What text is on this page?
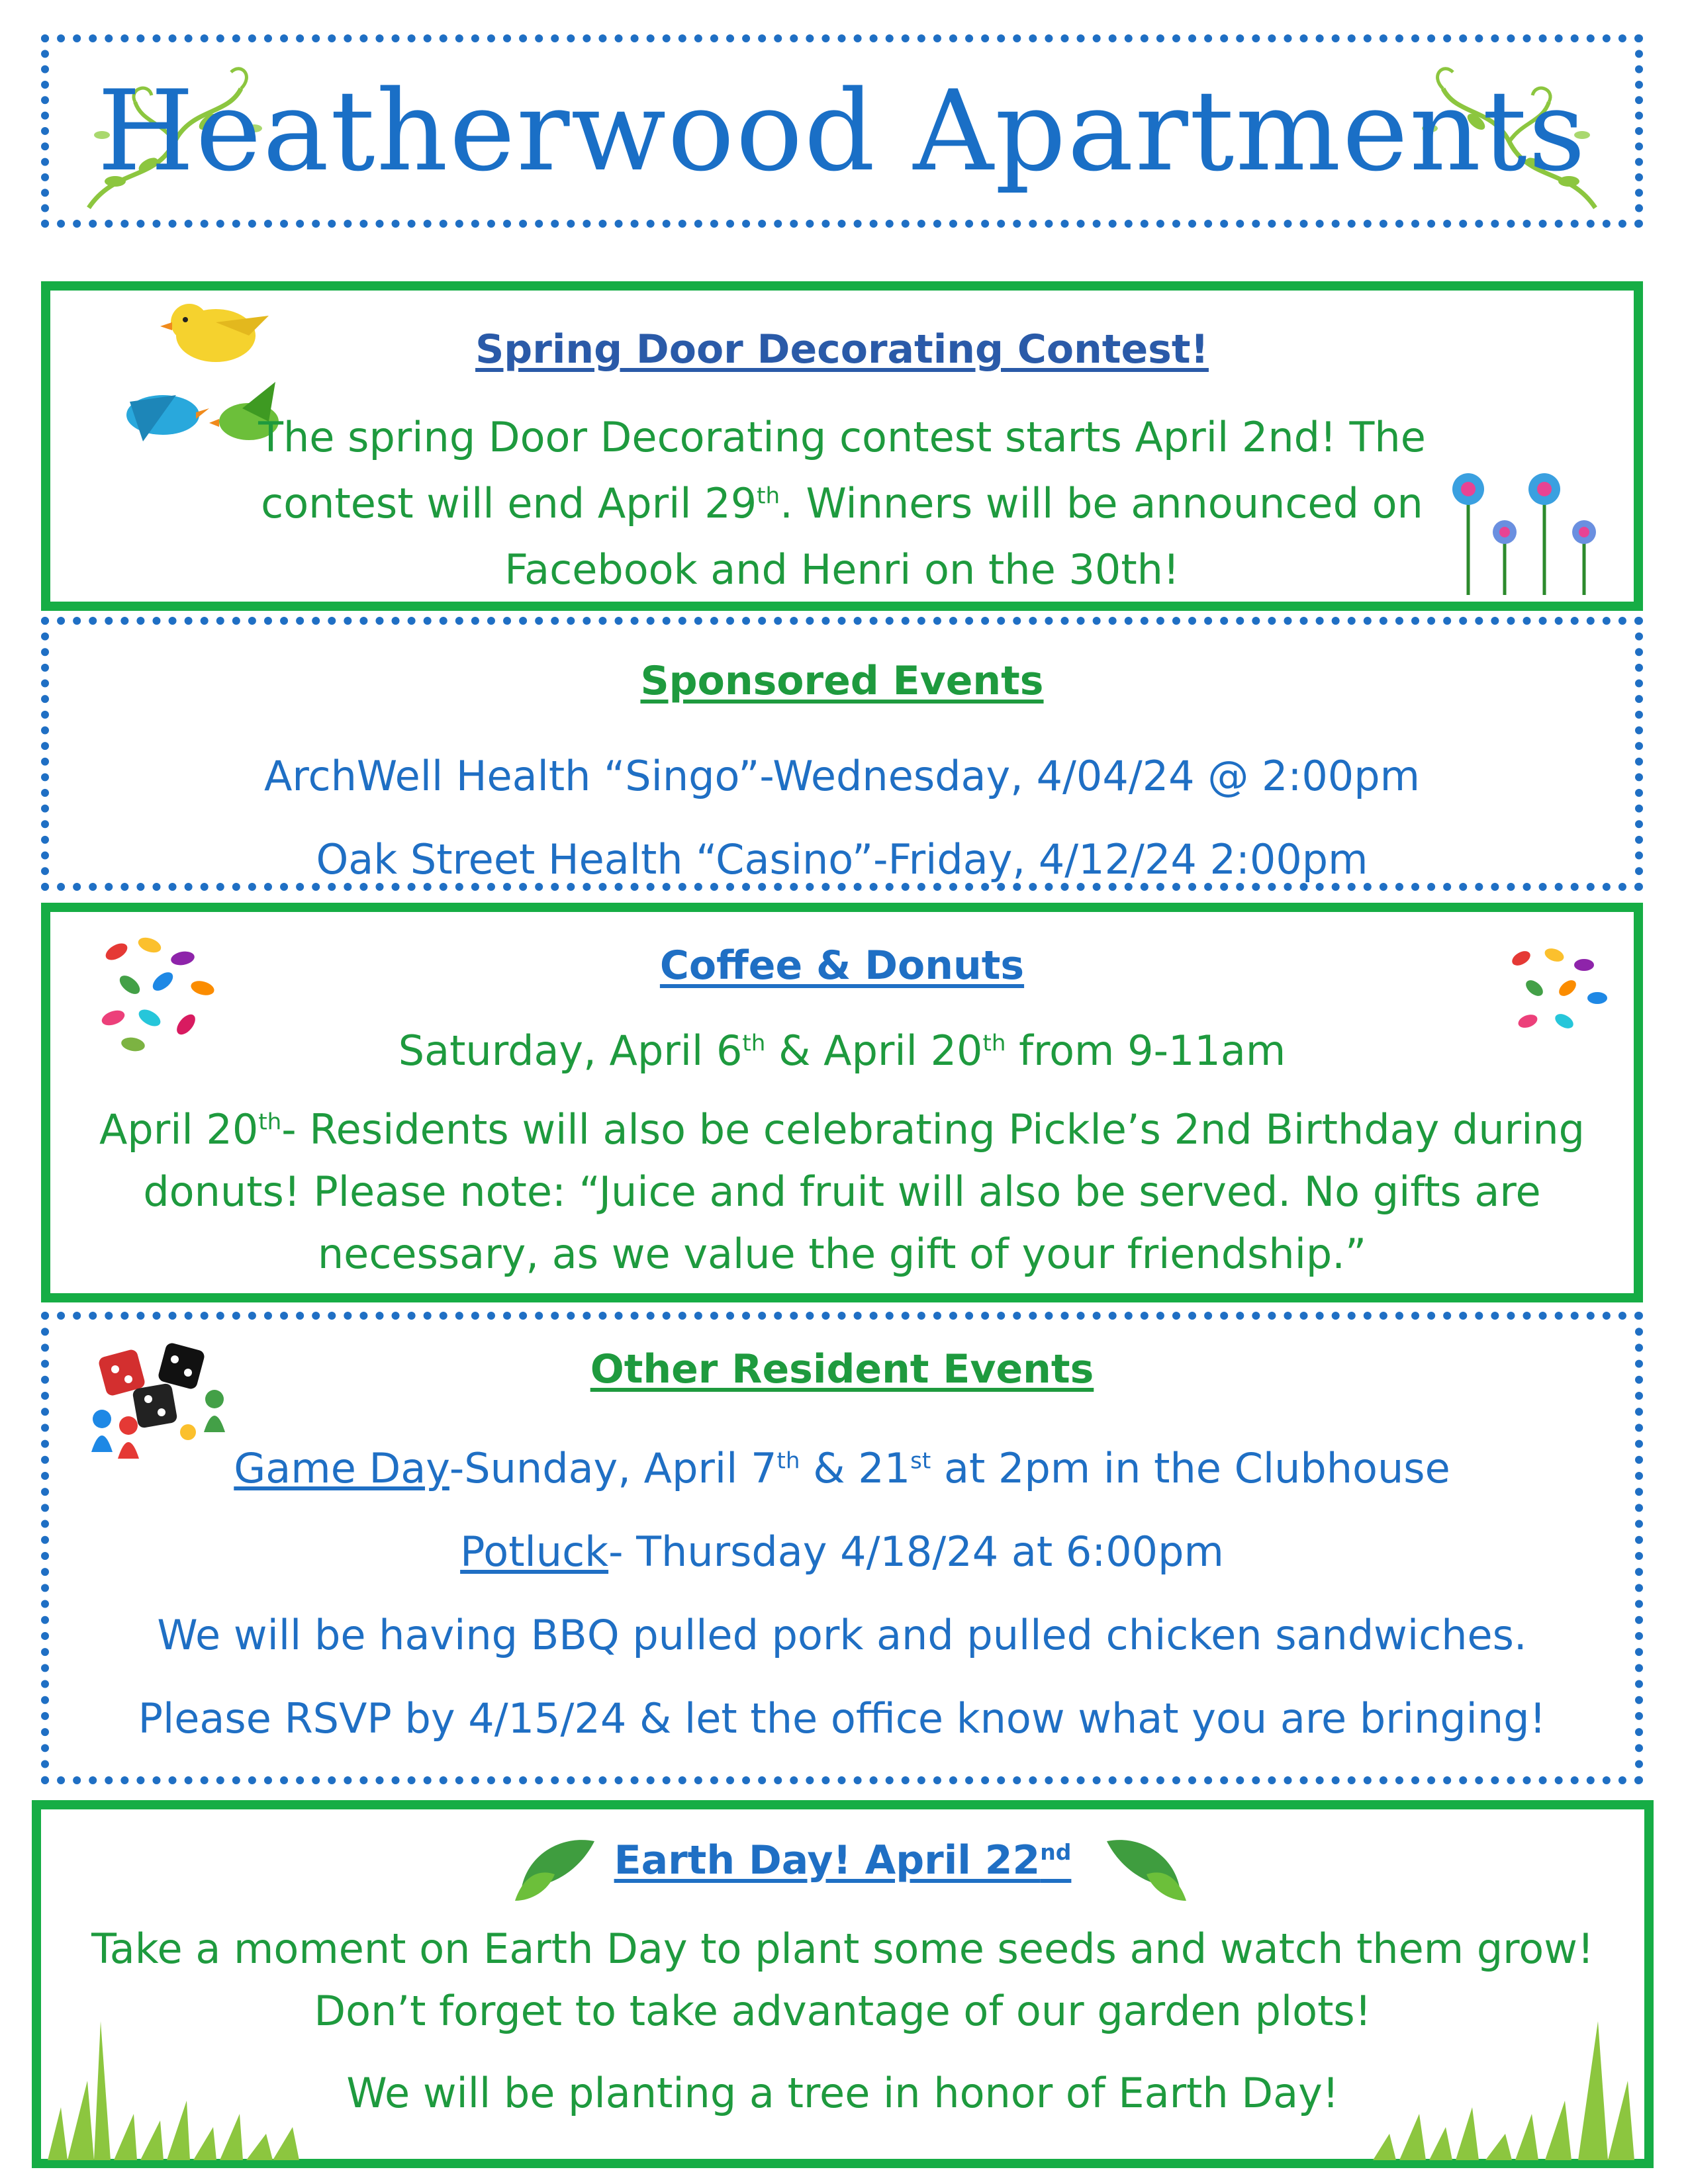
Heatherwood Apartments

Spring Door Decorating Contest!

The spring Door Decorating contest starts April 2nd! The

contest will end April 29th. Winners will be announced on

Facebook and Henri on the 30th!

Sponsored Events

ArchWell Health “Singo”-Wednesday, 4/04/24 @ 2:00pm

Oak Street Health “Casino”-Friday, 4/12/24 2:00pm

Coffee & Donuts

Saturday, April 6th & April 20th from 9-11am

April 20th- Residents will also be celebrating Pickle’s 2nd Birthday during

donuts! Please note: “Juice and fruit will also be served. No gifts are

necessary, as we value the gift of your friendship.”

Other Resident Events

Game Day-Sunday, April 7th & 21st at 2pm in the Clubhouse

Potluck- Thursday 4/18/24 at 6:00pm

We will be having BBQ pulled pork and pulled chicken sandwiches.

Please RSVP by 4/15/24 & let the office know what you are bringing!

Earth Day! April 22nd

Take a moment on Earth Day to plant some seeds and watch them grow!

Don’t forget to take advantage of our garden plots!

We will be planting a tree in honor of Earth Day!
